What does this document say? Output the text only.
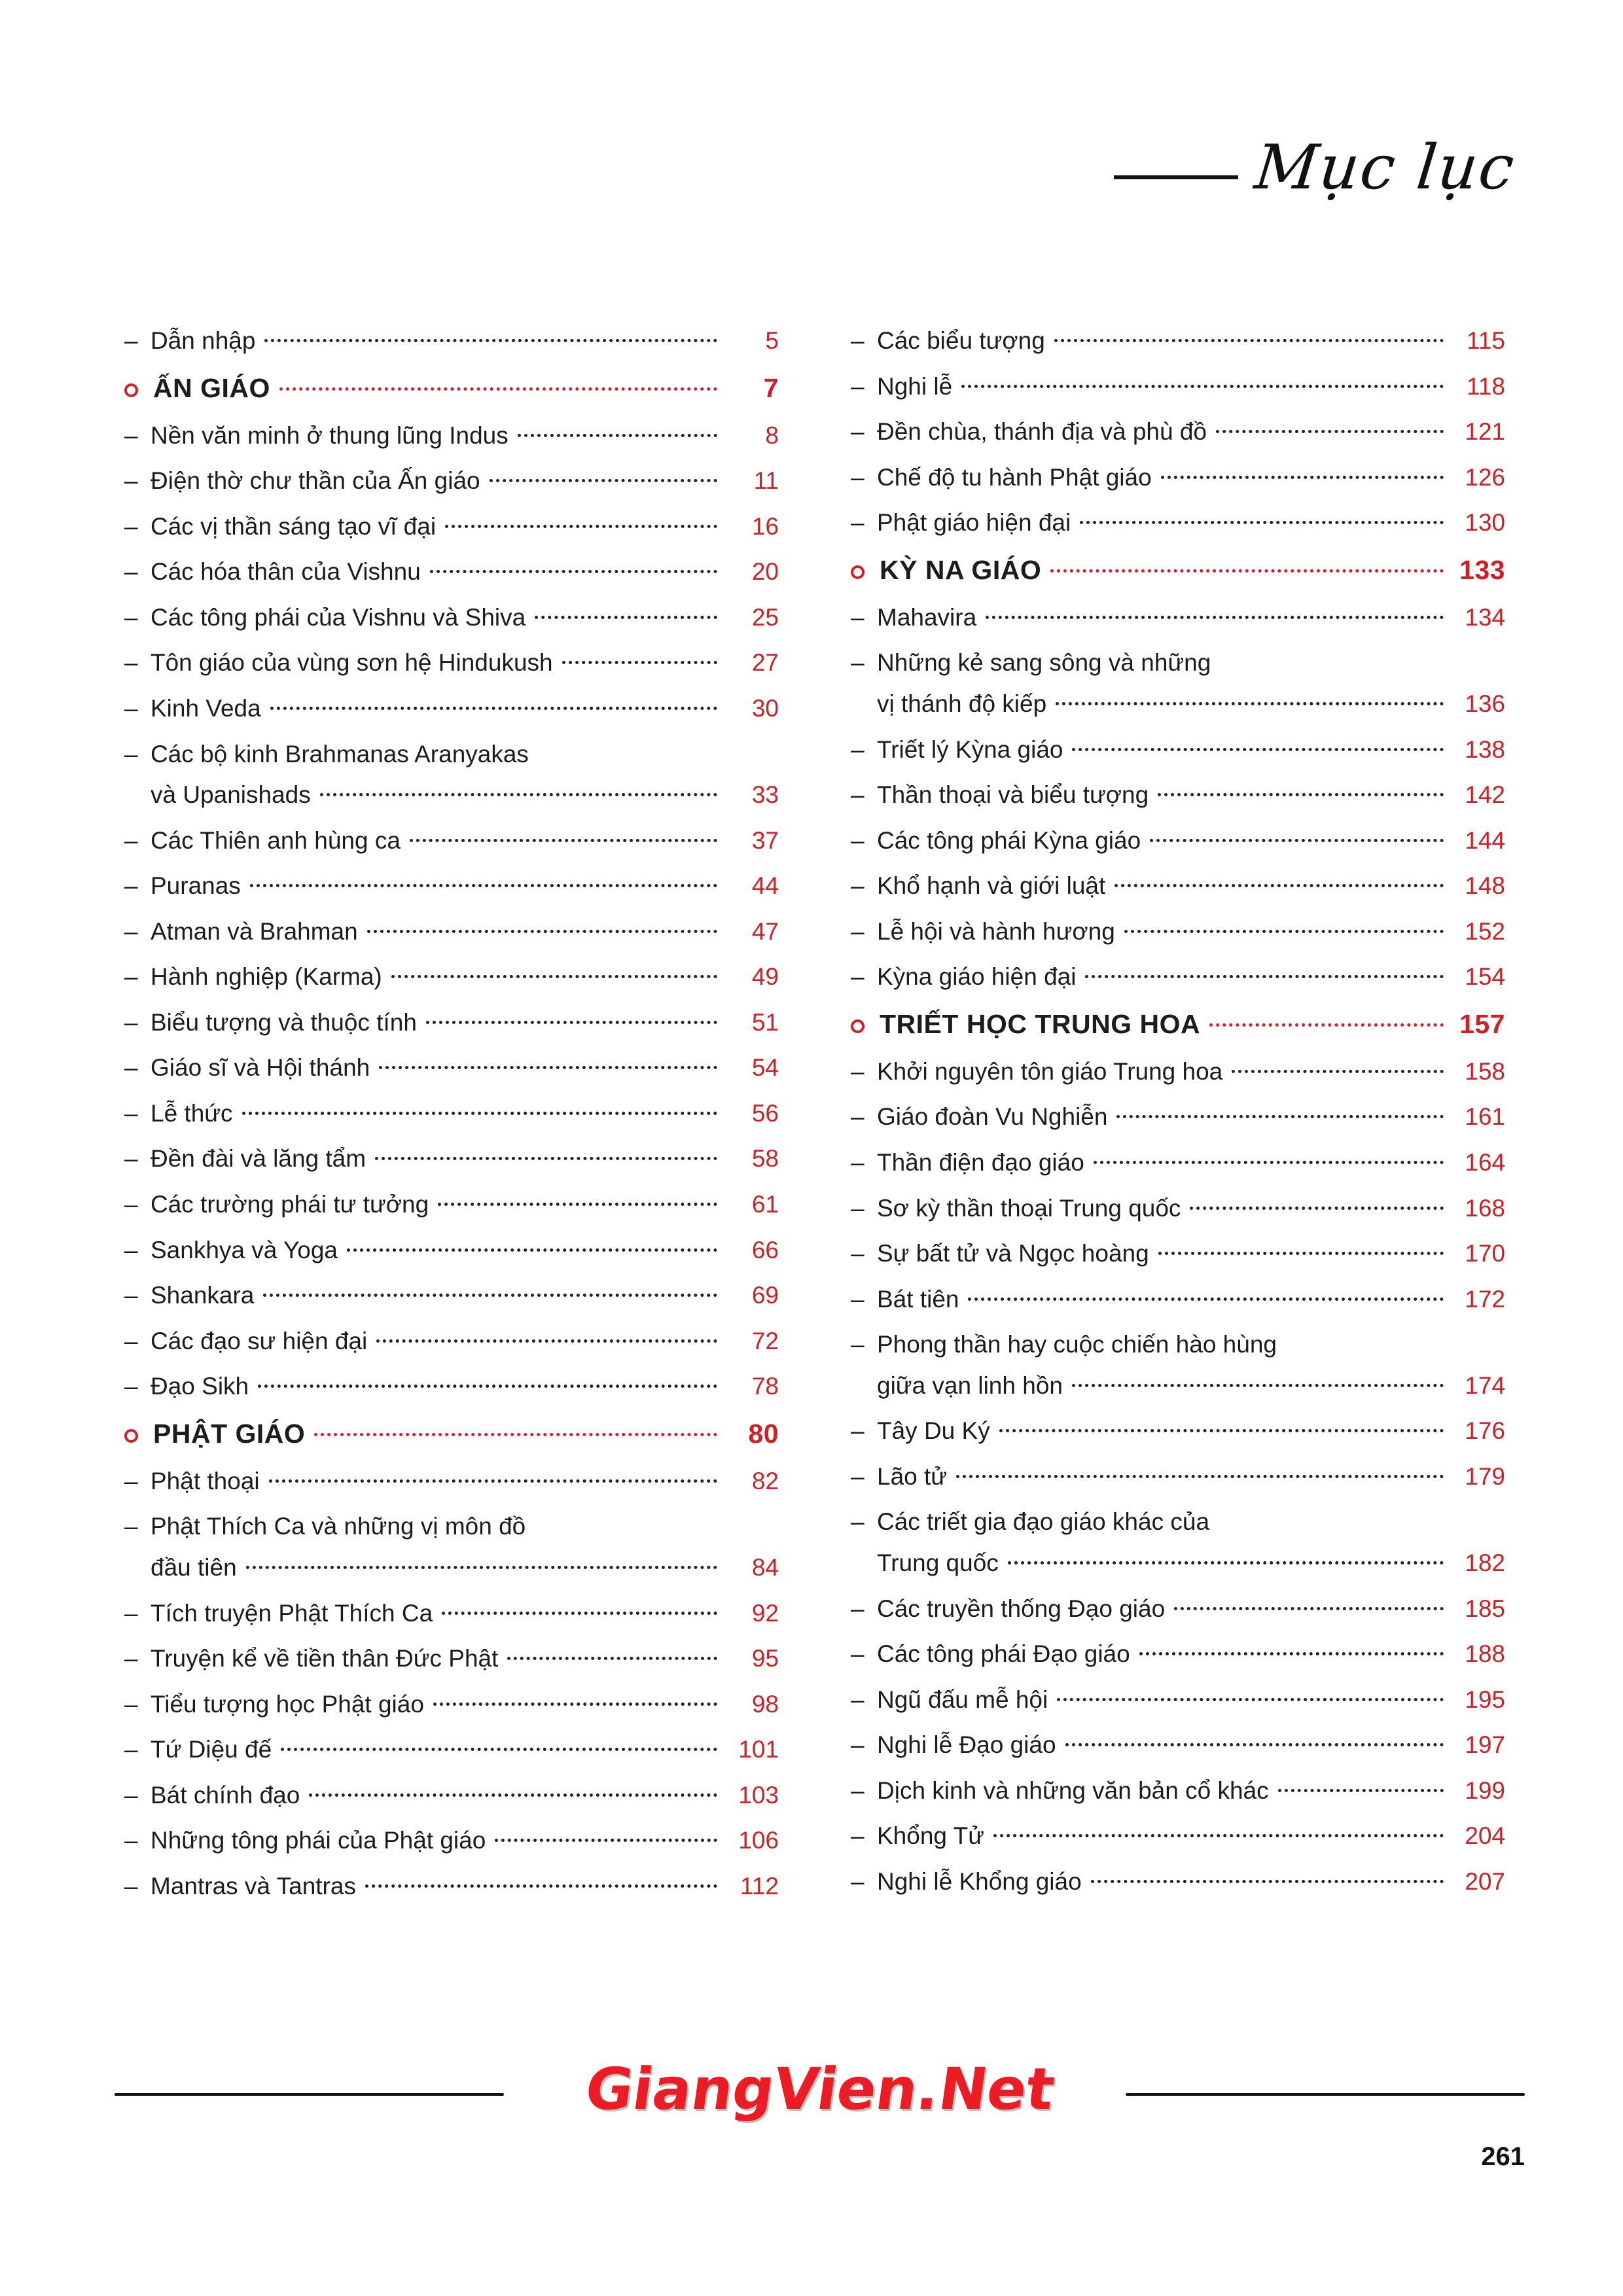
Mục lục
– Dẫn nhập	5
ẤN GIÁO	7
– Nền văn minh ở thung lũng Indus	8
– Điện thờ chư thần của Ấn giáo	11
– Các vị thần sáng tạo vĩ đại	16
– Các hóa thân của Vishnu	20
– Các tông phái của Vishnu và Shiva	25
– Tôn giáo của vùng sơn hệ Hindukush	27
– Kinh Veda	30
– Các bộ kinh Brahmanas Aranyakas
và Upanishads	33
– Các Thiên anh hùng ca	37
– Puranas	44
– Atman và Brahman	47
– Hành nghiệp (Karma)	49
– Biểu tượng và thuộc tính	51
– Giáo sĩ và Hội thánh	54
– Lễ thức	56
– Đền đài và lăng tẩm	58
– Các trường phái tư tưởng	61
– Sankhya và Yoga	66
– Shankara	69
– Các đạo sư hiện đại	72
– Đạo Sikh	78
PHẬT GIÁO	80
– Phật thoại	82
– Phật Thích Ca và những vị môn đồ
đầu tiên	84
– Tích truyện Phật Thích Ca	92
– Truyện kể về tiền thân Đức Phật	95
– Tiểu tượng học Phật giáo	98
– Tứ Diệu đế	101
– Bát chính đạo	103
– Những tông phái của Phật giáo	106
– Mantras và Tantras	112
– Các biểu tượng	115
– Nghi lễ	118
– Đền chùa, thánh địa và phù đồ	121
– Chế độ tu hành Phật giáo	126
– Phật giáo hiện đại	130
KỲ NA GIÁO	133
– Mahavira	134
– Những kẻ sang sông và những
vị thánh độ kiếp	136
– Triết lý Kỳna giáo	138
– Thần thoại và biểu tượng	142
– Các tông phái Kỳna giáo	144
– Khổ hạnh và giới luật	148
– Lễ hội và hành hương	152
– Kỳna giáo hiện đại	154
TRIẾT HỌC TRUNG HOA	157
– Khởi nguyên tôn giáo Trung hoa	158
– Giáo đoàn Vu Nghiễn	161
– Thần điện đạo giáo	164
– Sơ kỳ thần thoại Trung quốc	168
– Sự bất tử và Ngọc hoàng	170
– Bát tiên	172
– Phong thần hay cuộc chiến hào hùng
giữa vạn linh hồn	174
– Tây Du Ký	176
– Lão tử	179
– Các triết gia đạo giáo khác của
Trung quốc	182
– Các truyền thống Đạo giáo	185
– Các tông phái Đạo giáo	188
– Ngũ đấu mễ hội	195
– Nghi lễ Đạo giáo	197
– Dịch kinh và những văn bản cổ khác	199
– Khổng Tử	204
– Nghi lễ Khổng giáo	207
GiangVien.Net
261
